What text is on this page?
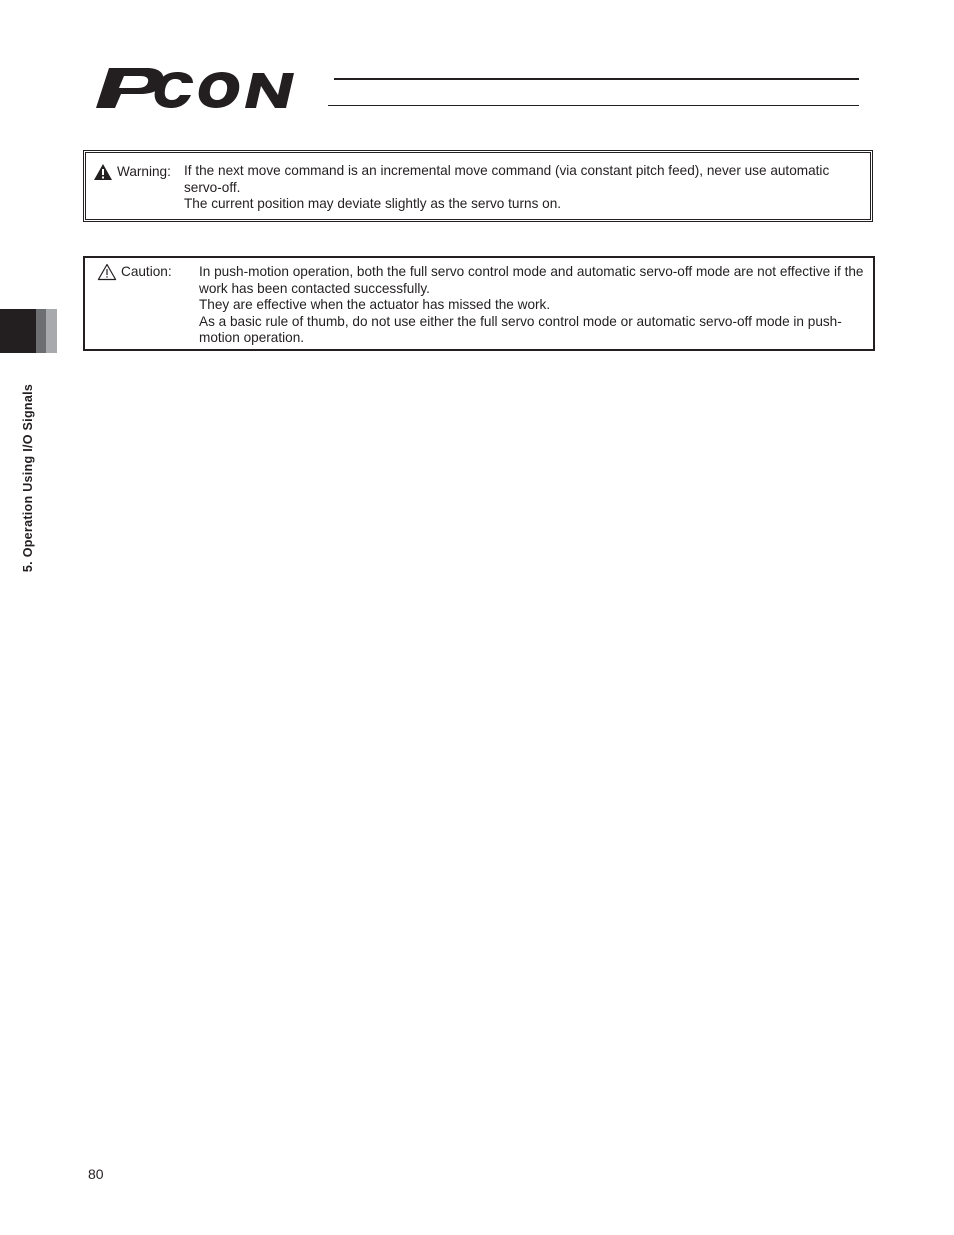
5. Operation Using I/O Signals
Warning: If the next move command is an incremental move command (via constant pitch feed), never use automatic servo-off.

The current position may deviate slightly as the servo turns on.

Caution: In push-motion operation, both the full servo control mode and automatic servo-off mode are not effective if the work has been contacted successfully.

They are effective when the actuator has missed the work.

As a basic rule of thumb, do not use either the full servo control mode or automatic servo-off mode in push-motion operation.

80
